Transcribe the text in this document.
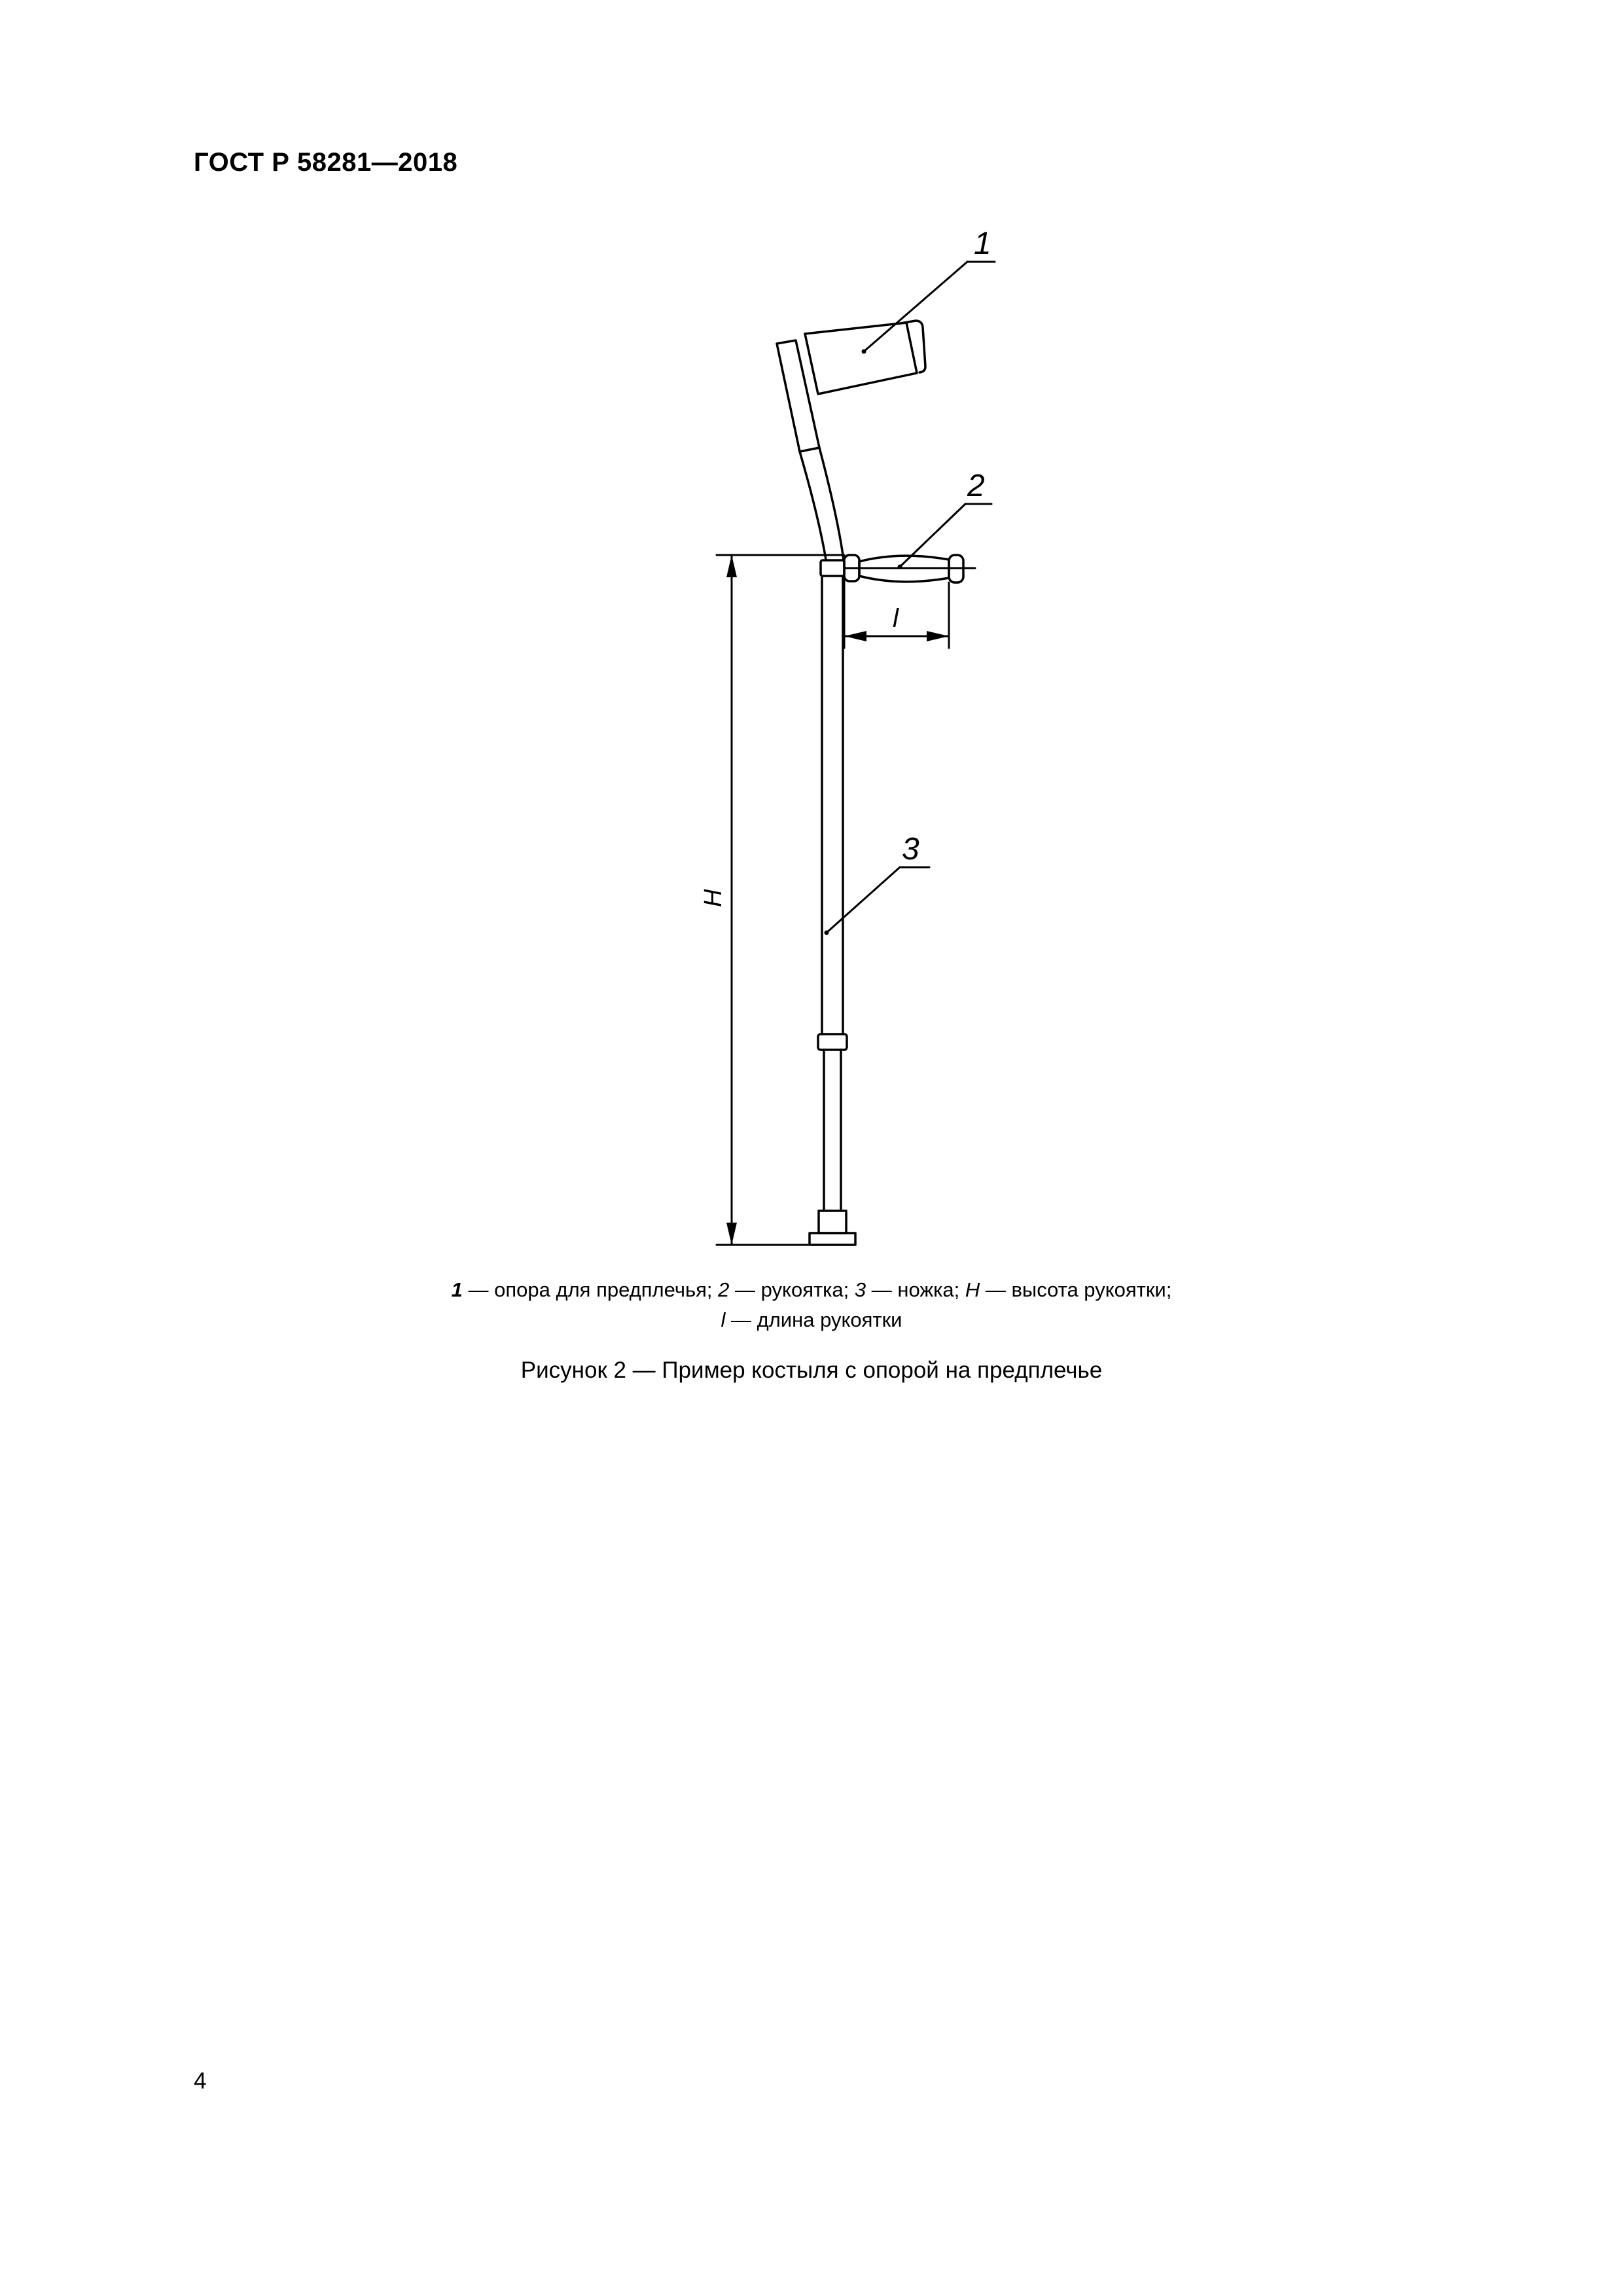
ГОСТ Р 58281—2018
1
2
3
l
H
1 — опора для предплечья; 2 — рукоятка; 3 — ножка; H — высота рукоятки;
l — длина рукоятки
Рисунок 2 — Пример костыля с опорой на предплечье
4
